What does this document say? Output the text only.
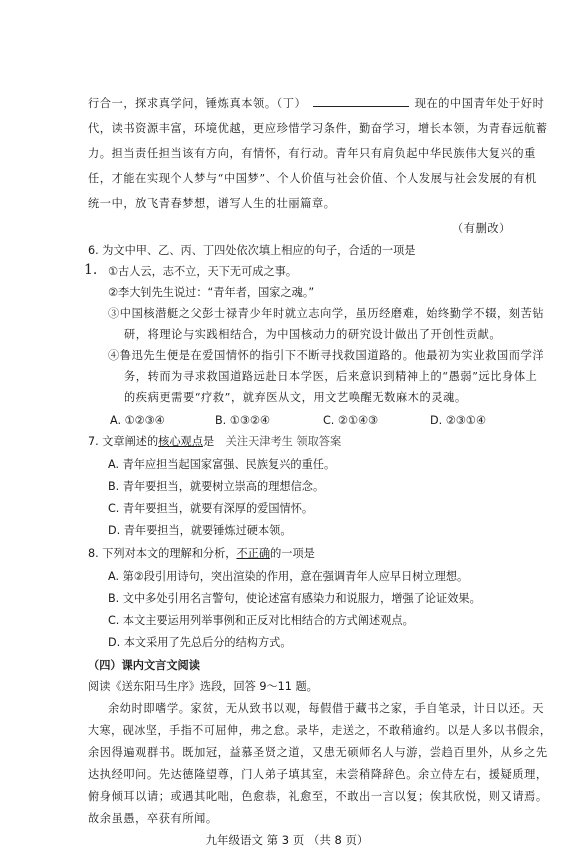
行合一，探求真学问，锤炼真本领。（丁）	现在的中国青年处于好时
代，读书资源丰富，环境优越，更应珍惜学习条件，勤奋学习，增长本领，为青春远航蓄
力。担当责任担当该有方向，有情怀，有行动。青年只有肩负起中华民族伟大复兴的重
任，才能在实现个人梦与“中国梦”、个人价值与社会价值、个人发展与社会发展的有机
统一中，放飞青春梦想，谱写人生的壮丽篇章。
（有删改）
6. 为文中甲、乙、丙、丁四处依次填上相应的句子，合适的一项是
①古人云，志不立，天下无可成之事。
1.
②李大钊先生说过：“青年者，国家之魂。”
③中国核潜艇之父彭士禄青少年时就立志向学，虽历经磨难，始终勤学不辍，刻苦钻
研，将理论与实践相结合，为中国核动力的研究设计做出了开创性贡献。
④鲁迅先生便是在爱国情怀的指引下不断寻找救国道路的。他最初为实业救国而学洋
务，转而为寻求救国道路远赴日本学医，后来意识到精神上的“愚弱”远比身体上
的疾病更需要“疗救”，就弃医从文，用文艺唤醒无数麻木的灵魂。
A. ①②③④	B. ①③②④	C. ②①④③	D. ②③①④
7. 文章阐述的核心观点是 关注天津考生 领取答案
A. 青年应担当起国家富强、民族复兴的重任。
B. 青年要担当，就要树立崇高的理想信念。
C. 青年要担当，就要有深厚的爱国情怀。
D. 青年要担当，就要锤炼过硬本领。
8. 下列对本文的理解和分析，不正确的一项是
A. 第②段引用诗句，突出渲染的作用，意在强调青年人应早日树立理想。
B. 文中多处引用名言警句，使论述富有感染力和说服力，增强了论证效果。
C. 本文主要运用列举事例和正反对比相结合的方式阐述观点。
D. 本文采用了先总后分的结构方式。
（四）课内文言文阅读
阅读《送东阳马生序》选段，回答 9～11 题。
余幼时即嗜学。家贫，无从致书以观，每假借于藏书之家，手自笔录，计日以还。天
大寒，砚冰坚，手指不可屈伸，弗之怠。录毕，走送之，不敢稍逾约。以是人多以书假余，
余因得遍观群书。既加冠，益慕圣贤之道，又患无硕师名人与游，尝趋百里外，从乡之先
达执经叩问。先达德隆望尊，门人弟子填其室，未尝稍降辞色。余立侍左右，援疑质理，
俯身倾耳以请；或遇其叱咄，色愈恭，礼愈至，不敢出一言以复；俟其欣悦，则又请焉。
故余虽愚，卒获有所闻。
九年级语文 第 3 页 （共 8 页）
